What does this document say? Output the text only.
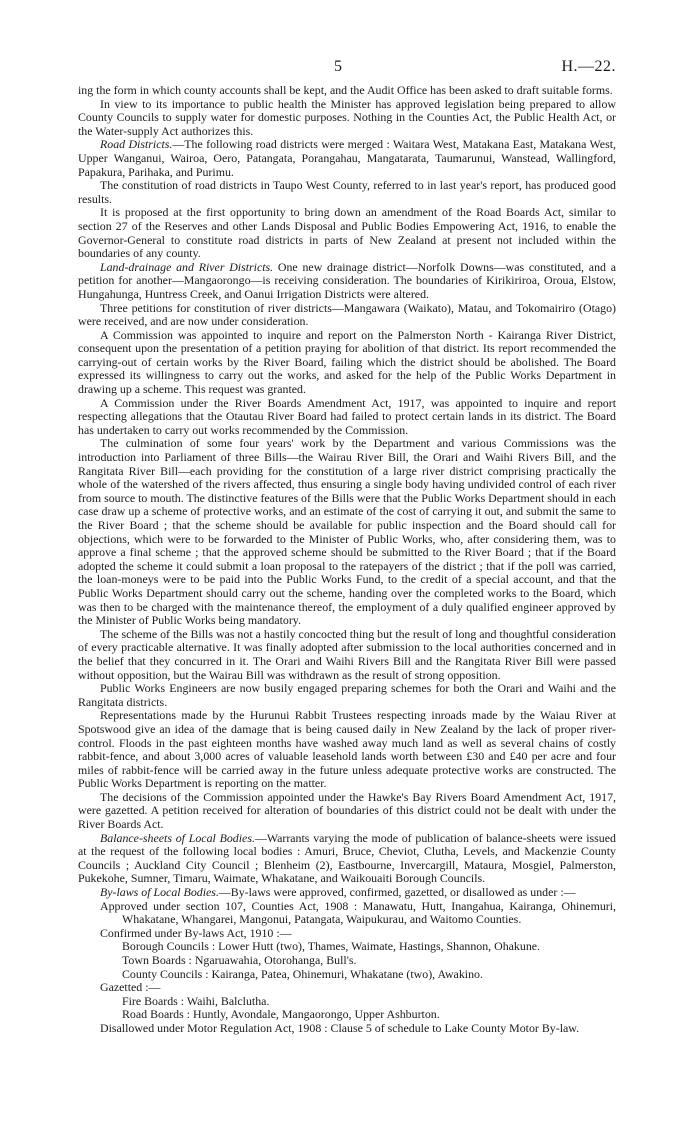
5	H.—22.

ing the form in which county accounts shall be kept, and the Audit Office has been asked to draft suitable forms.

In view to its importance to public health the Minister has approved legislation being prepared to allow County Councils to supply water for domestic purposes. Nothing in the Counties Act, the Public Health Act, or the Water-supply Act authorizes this.

Road Districts.—The following road districts were merged : Waitara West, Matakana East, Matakana West, Upper Wanganui, Wairoa, Oero, Patangata, Porangahau, Mangatarata, Taumarunui, Wanstead, Wallingford, Papakura, Parihaka, and Purimu.

The constitution of road districts in Taupo West County, referred to in last year's report, has produced good results.

It is proposed at the first opportunity to bring down an amendment of the Road Boards Act, similar to section 27 of the Reserves and other Lands Disposal and Public Bodies Empowering Act, 1916, to enable the Governor-General to constitute road districts in parts of New Zealand at present not included within the boundaries of any county.

Land-drainage and River Districts. One new drainage district—Norfolk Downs—was constituted, and a petition for another—Mangaorongo—is receiving consideration. The boundaries of Kirikiriroa, Oroua, Elstow, Hungahunga, Huntress Creek, and Oanui Irrigation Districts were altered.

Three petitions for constitution of river districts—Mangawara (Waikato), Matau, and Tokomairiro (Otago) were received, and are now under consideration.

A Commission was appointed to inquire and report on the Palmerston North - Kairanga River District, consequent upon the presentation of a petition praying for abolition of that district. Its report recommended the carrying-out of certain works by the River Board, failing which the district should be abolished. The Board expressed its willingness to carry out the works, and asked for the help of the Public Works Department in drawing up a scheme. This request was granted.

A Commission under the River Boards Amendment Act, 1917, was appointed to inquire and report respecting allegations that the Otautau River Board had failed to protect certain lands in its district. The Board has undertaken to carry out works recommended by the Commission.

The culmination of some four years' work by the Department and various Commissions was the introduction into Parliament of three Bills—the Wairau River Bill, the Orari and Waihi Rivers Bill, and the Rangitata River Bill—each providing for the constitution of a large river district comprising practically the whole of the watershed of the rivers affected, thus ensuring a single body having undivided control of each river from source to mouth. The distinctive features of the Bills were that the Public Works Department should in each case draw up a scheme of protective works, and an estimate of the cost of carrying it out, and submit the same to the River Board ; that the scheme should be available for public inspection and the Board should call for objections, which were to be forwarded to the Minister of Public Works, who, after considering them, was to approve a final scheme ; that the approved scheme should be submitted to the River Board ; that if the Board adopted the scheme it could submit a loan proposal to the ratepayers of the district ; that if the poll was carried, the loan-moneys were to be paid into the Public Works Fund, to the credit of a special account, and that the Public Works Department should carry out the scheme, handing over the completed works to the Board, which was then to be charged with the maintenance thereof, the employment of a duly qualified engineer approved by the Minister of Public Works being mandatory.

The scheme of the Bills was not a hastily concocted thing but the result of long and thoughtful consideration of every practicable alternative. It was finally adopted after submission to the local authorities concerned and in the belief that they concurred in it. The Orari and Waihi Rivers Bill and the Rangitata River Bill were passed without opposition, but the Wairau Bill was withdrawn as the result of strong opposition.

Public Works Engineers are now busily engaged preparing schemes for both the Orari and Waihi and the Rangitata districts.

Representations made by the Hurunui Rabbit Trustees respecting inroads made by the Waiau River at Spotswood give an idea of the damage that is being caused daily in New Zealand by the lack of proper river-control. Floods in the past eighteen months have washed away much land as well as several chains of costly rabbit-fence, and about 3,000 acres of valuable leasehold lands worth between £30 and £40 per acre and four miles of rabbit-fence will be carried away in the future unless adequate protective works are constructed. The Public Works Department is reporting on the matter.

The decisions of the Commission appointed under the Hawke's Bay Rivers Board Amendment Act, 1917, were gazetted. A petition received for alteration of boundaries of this district could not be dealt with under the River Boards Act.

Balance-sheets of Local Bodies.—Warrants varying the mode of publication of balance-sheets were issued at the request of the following local bodies : Amuri, Bruce, Cheviot, Clutha, Levels, and Mackenzie County Councils ; Auckland City Council ; Blenheim (2), Eastbourne, Invercargill, Mataura, Mosgiel, Palmerston, Pukekohe, Sumner, Timaru, Waimate, Whakatane, and Waikouaiti Borough Councils.

By-laws of Local Bodies.—By-laws were approved, confirmed, gazetted, or disallowed as under :—

Approved under section 107, Counties Act, 1908 : Manawatu, Hutt, Inangahua, Kairanga, Ohinemuri, Whakatane, Whangarei, Mangonui, Patangata, Waipukurau, and Waitomo Counties.

Confirmed under By-laws Act, 1910 :—

Borough Councils : Lower Hutt (two), Thames, Waimate, Hastings, Shannon, Ohakune.

Town Boards : Ngaruawahia, Otorohanga, Bull's.

County Councils : Kairanga, Patea, Ohinemuri, Whakatane (two), Awakino.

Gazetted :—

Fire Boards : Waihi, Balclutha.

Road Boards : Huntly, Avondale, Mangaorongo, Upper Ashburton.

Disallowed under Motor Regulation Act, 1908 : Clause 5 of schedule to Lake County Motor By-law.
